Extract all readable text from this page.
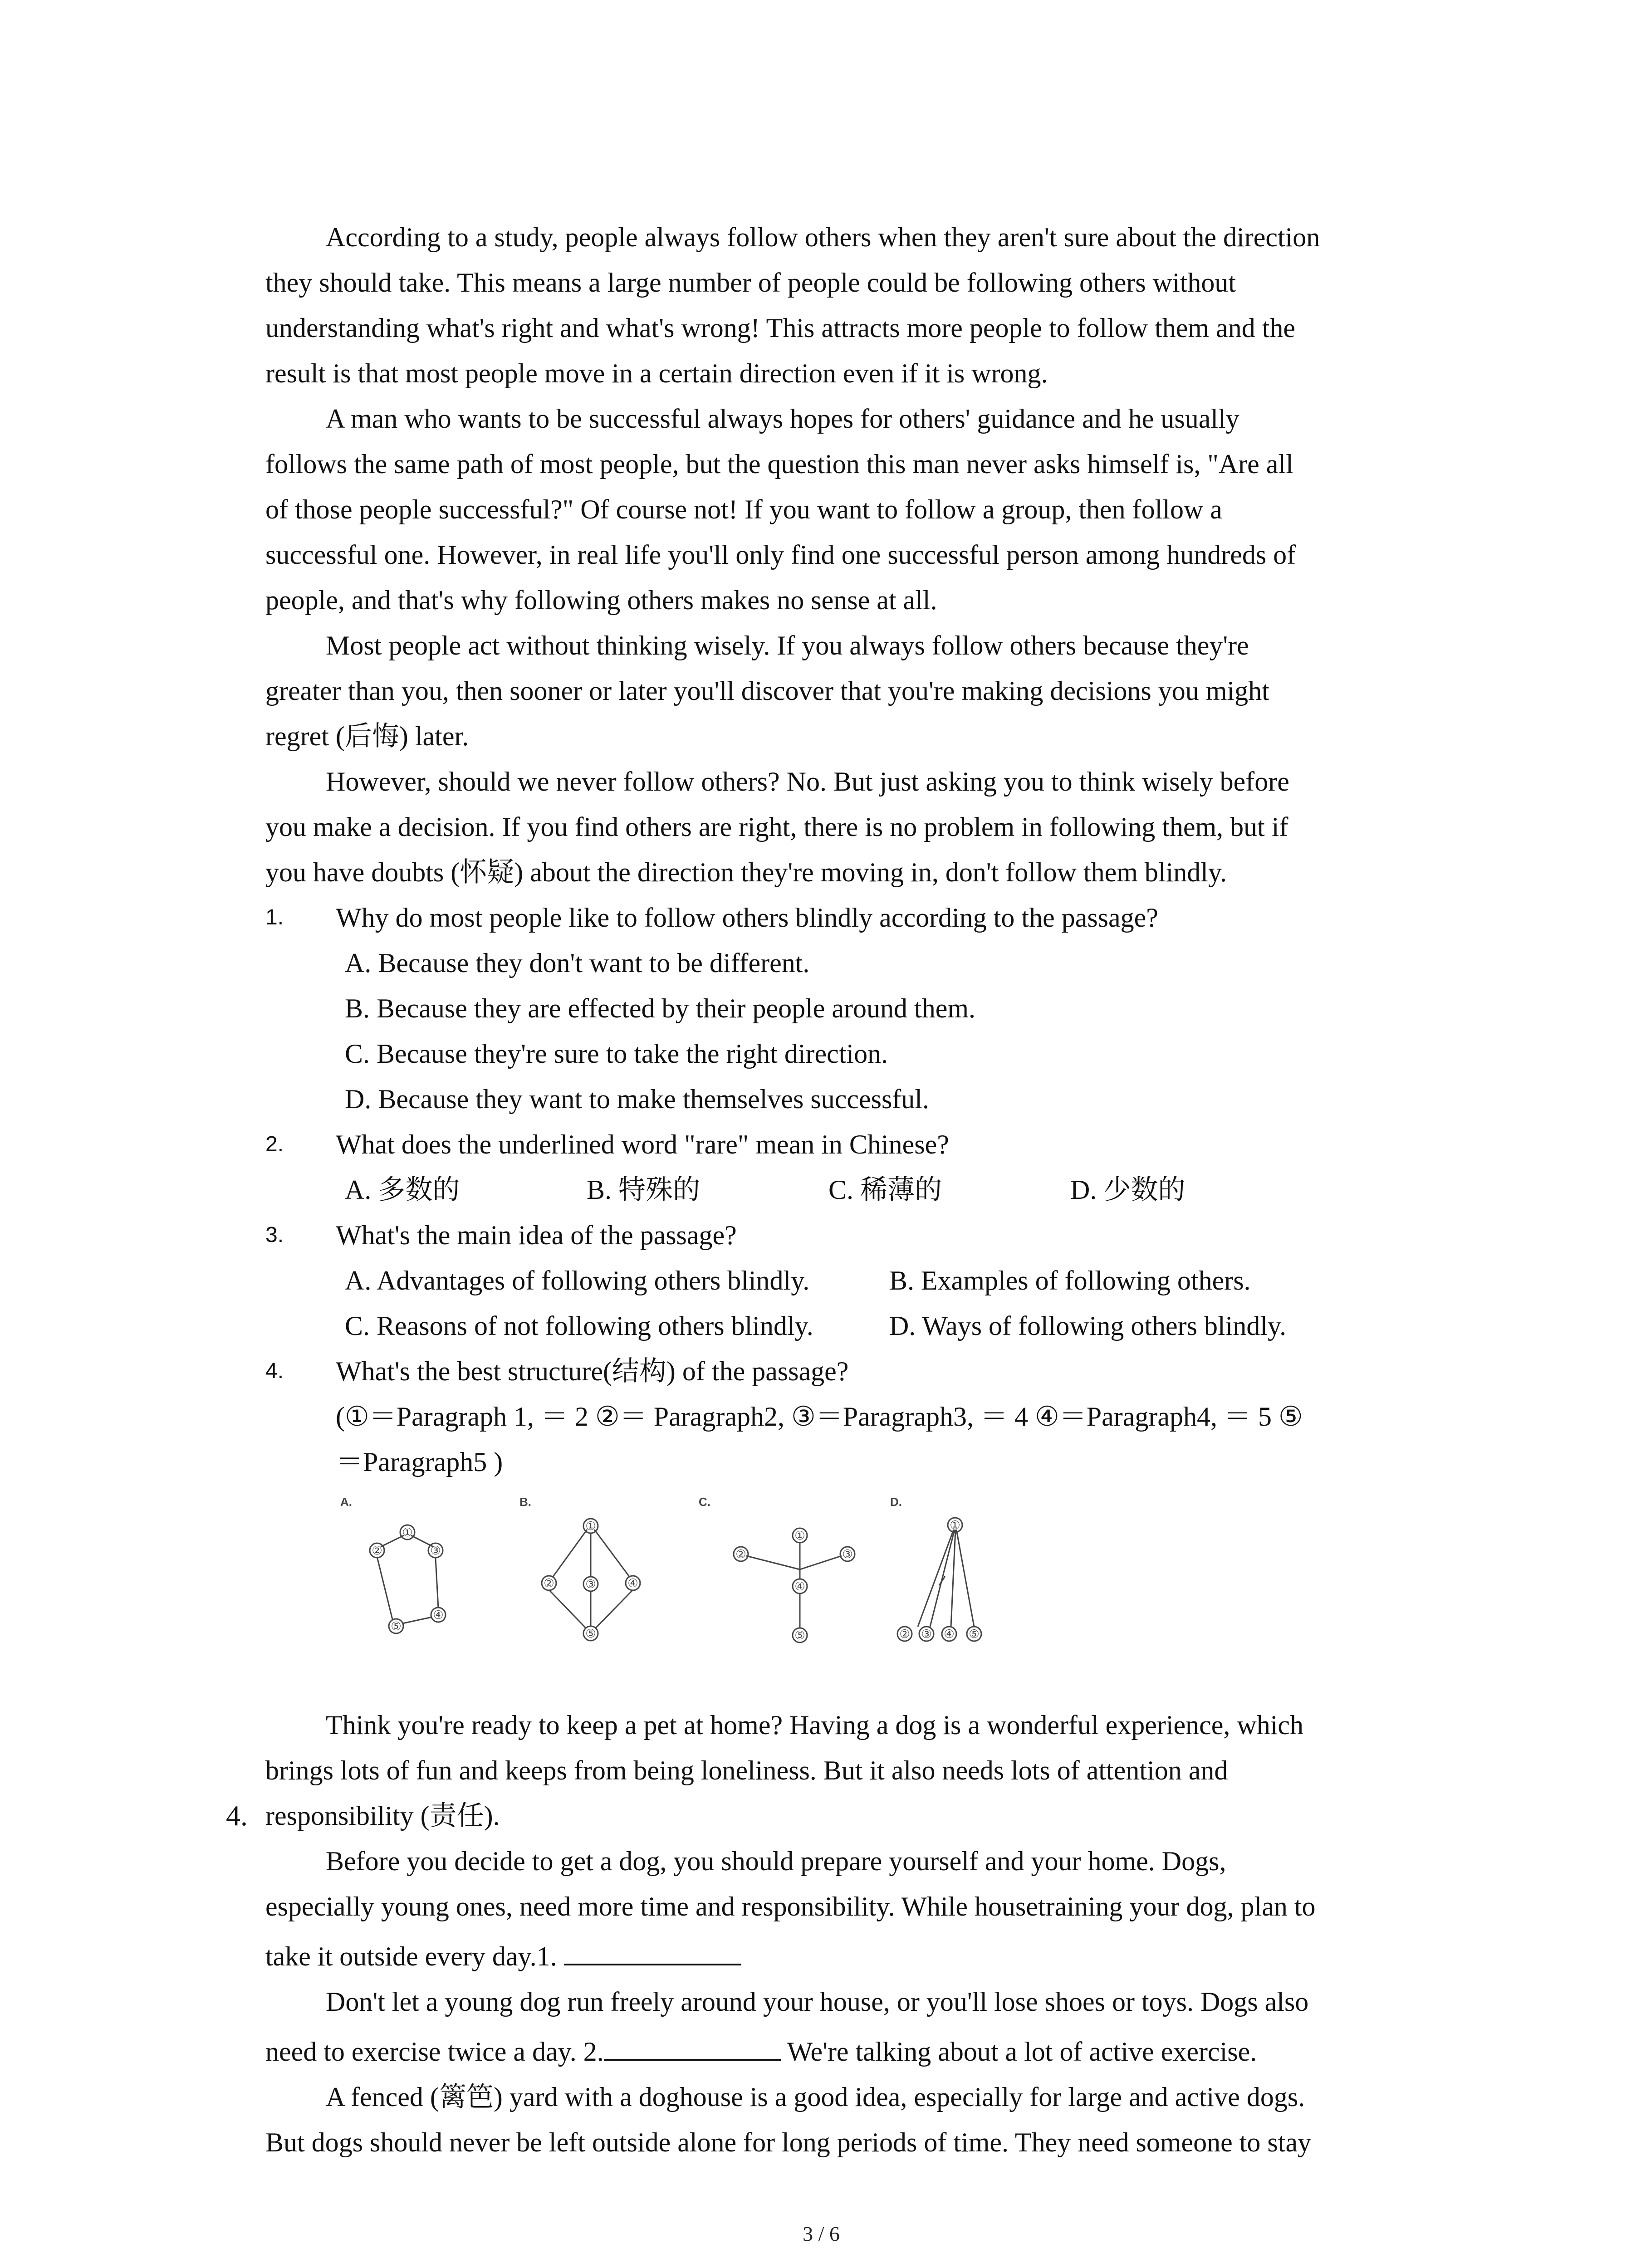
According to a study, people always follow others when they aren't sure about the direction
they should take. This means a large number of people could be following others without
understanding what's right and what's wrong! This attracts more people to follow them and the
result is that most people move in a certain direction even if it is wrong.
A man who wants to be successful always hopes for others' guidance and he usually
follows the same path of most people, but the question this man never asks himself is, "Are all
of those people successful?" Of course not! If you want to follow a group, then follow a
successful one. However, in real life you'll only find one successful person among hundreds of
people, and that's why following others makes no sense at all.
Most people act without thinking wisely. If you always follow others because they're
greater than you, then sooner or later you'll discover that you're making decisions you might
regret (后悔) later.
However, should we never follow others? No. But just asking you to think wisely before
you make a decision. If you find others are right, there is no problem in following them, but if
you have doubts (怀疑) about the direction they're moving in, don't follow them blindly.
1. Why do most people like to follow others blindly according to the passage?
A. Because they don't want to be different.
B. Because they are effected by their people around them.
C. Because they're sure to take the right direction.
D. Because they want to make themselves successful.
2. What does the underlined word "rare" mean in Chinese?
A. 多数的	B. 特殊的	C. 稀薄的	D. 少数的
3. What's the main idea of the passage?
A. Advantages of following others blindly.	B. Examples of following others.
C. Reasons of not following others blindly.	D. Ways of following others blindly.
4. What's the best structure(结构) of the passage?
(①＝Paragraph 1, ＝ 2 ②＝ Paragraph2, ③＝Paragraph3, ＝ 4 ④＝Paragraph4, ＝ 5 ⑤
＝Paragraph5 )
A.
①
②	③
④
⑤
B.
①
②	③	④
⑤
C.
①
②	③
④
⑤
D.
①
② ③ ④ ⑤
4.
Think you're ready to keep a pet at home? Having a dog is a wonderful experience, which
brings lots of fun and keeps from being loneliness. But it also needs lots of attention and
responsibility (责任).
Before you decide to get a dog, you should prepare yourself and your home. Dogs,
especially young ones, need more time and responsibility. While housetraining your dog, plan to
take it outside every day.1.
Don't let a young dog run freely around your house, or you'll lose shoes or toys. Dogs also
need to exercise twice a day. 2.	We're talking about a lot of active exercise.
A fenced (篱笆) yard with a doghouse is a good idea, especially for large and active dogs.
But dogs should never be left outside alone for long periods of time. They need someone to stay
3 / 6
